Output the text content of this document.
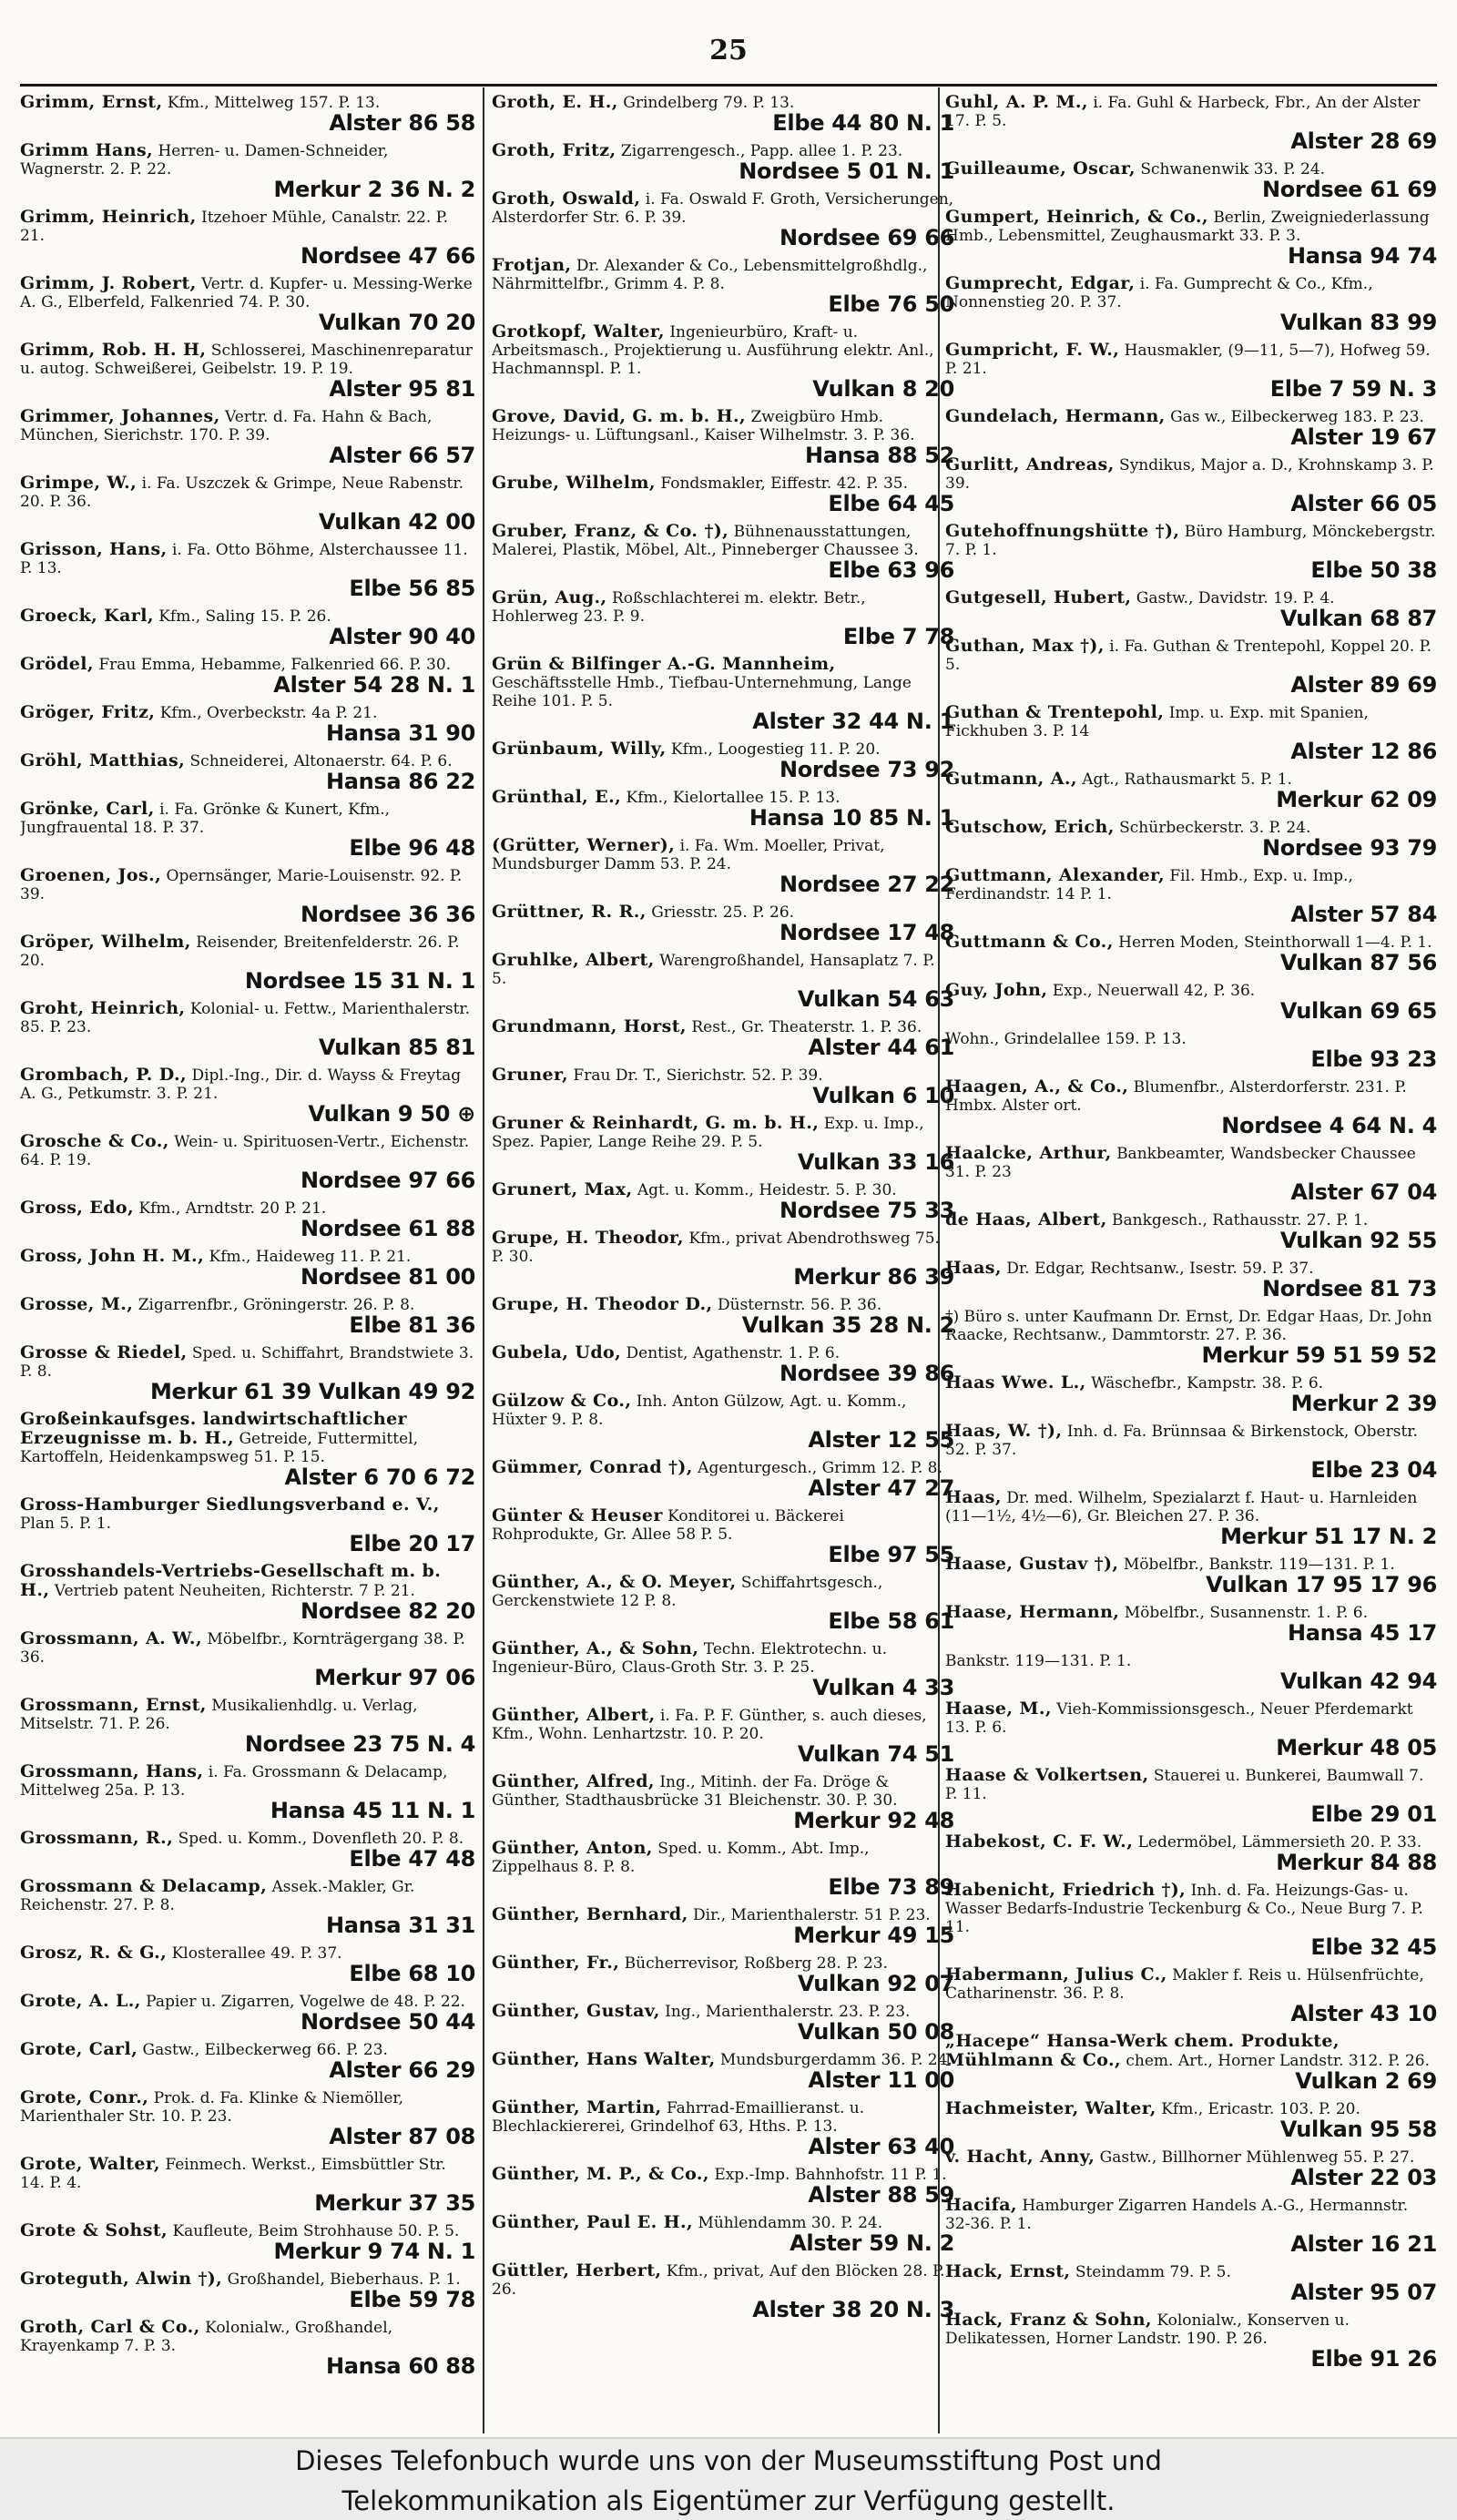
25
Grimm, Ernst, Kfm., Mittelweg 157. P. 13.
Alster 86 58
Grimm Hans, Herren- u. Damen-Schneider, Wagnerstr. 2. P. 22.
Merkur 2 36 N. 2
Grimm, Heinrich, Itzehoer Mühle, Canalstr. 22. P. 21.
Nordsee 47 66
Grimm, J. Robert, Vertr. d. Kupfer- u. Messing-Werke A. G., Elberfeld, Falkenried 74. P. 30.
Vulkan 70 20
Grimm, Rob. H. H, Schlosserei, Maschinenreparatur u. autog. Schweißerei, Geibelstr. 19. P. 19.
Alster 95 81
Grimmer, Johannes, Vertr. d. Fa. Hahn & Bach, München, Sierichstr. 170. P. 39.
Alster 66 57
Grimpe, W., i. Fa. Uszczek & Grimpe, Neue Rabenstr. 20. P. 36.
Vulkan 42 00
Grisson, Hans, i. Fa. Otto Böhme, Alsterchaussee 11. P. 13.
Elbe 56 85
Groeck, Karl, Kfm., Saling 15. P. 26.
Alster 90 40
Grödel, Frau Emma, Hebamme, Falkenried 66. P. 30.
Alster 54 28 N. 1
Gröger, Fritz, Kfm., Overbeckstr. 4a P. 21.
Hansa 31 90
Gröhl, Matthias, Schneiderei, Altonaerstr. 64. P. 6.
Hansa 86 22
Grönke, Carl, i. Fa. Grönke & Kunert, Kfm., Jungfrauental 18. P. 37.
Elbe 96 48
Groenen, Jos., Opernsänger, Marie-Louisenstr. 92. P. 39.
Nordsee 36 36
Gröper, Wilhelm, Reisender, Breitenfelderstr. 26. P. 20.
Nordsee 15 31 N. 1
Groht, Heinrich, Kolonial- u. Fettw., Marienthalerstr. 85. P. 23.
Vulkan 85 81
Grombach, P. D., Dipl.-Ing., Dir. d. Wayss & Freytag A. G., Petkumstr. 3. P. 21.
Vulkan 9 50 ⊕
Grosche & Co., Wein- u. Spirituosen-Vertr., Eichenstr. 64. P. 19.
Nordsee 97 66
Gross, Edo, Kfm., Arndtstr. 20 P. 21.
Nordsee 61 88
Gross, John H. M., Kfm., Haideweg 11. P. 21.
Nordsee 81 00
Grosse, M., Zigarrenfbr., Gröningerstr. 26. P. 8.
Elbe 81 36
Grosse & Riedel, Sped. u. Schiffahrt, Brandstwiete 3. P. 8.
Merkur 61 39 Vulkan 49 92
Großeinkaufsges. landwirtschaftlicher Erzeugnisse m. b. H., Getreide, Futtermittel, Kartoffeln, Heidenkampsweg 51. P. 15.
Alster 6 70 6 72
Gross-Hamburger Siedlungsverband e. V., Plan 5. P. 1.
Elbe 20 17
Grosshandels-Vertriebs-Gesellschaft m. b. H., Vertrieb patent Neuheiten, Richterstr. 7 P. 21.
Nordsee 82 20
Grossmann, A. W., Möbelfbr., Kornträgergang 38. P. 36.
Merkur 97 06
Grossmann, Ernst, Musikalienhdlg. u. Verlag, Mitselstr. 71. P. 26.
Nordsee 23 75 N. 4
Grossmann, Hans, i. Fa. Grossmann & Delacamp, Mittelweg 25a. P. 13.
Hansa 45 11 N. 1
Grossmann, R., Sped. u. Komm., Dovenfleth 20. P. 8.
Elbe 47 48
Grossmann & Delacamp, Assek.-Makler, Gr. Reichenstr. 27. P. 8.
Hansa 31 31
Grosz, R. & G., Klosterallee 49. P. 37.
Elbe 68 10
Grote, A. L., Papier u. Zigarren, Vogelwe de 48. P. 22.
Nordsee 50 44
Grote, Carl, Gastw., Eilbeckerweg 66. P. 23.
Alster 66 29
Grote, Conr., Prok. d. Fa. Klinke & Niemöller, Marienthaler Str. 10. P. 23.
Alster 87 08
Grote, Walter, Feinmech. Werkst., Eimsbüttler Str. 14. P. 4.
Merkur 37 35
Grote & Sohst, Kaufleute, Beim Strohhause 50. P. 5.
Merkur 9 74 N. 1
Groteguth, Alwin †), Großhandel, Bieberhaus. P. 1.
Elbe 59 78
Groth, Carl & Co., Kolonialw., Großhandel, Krayenkamp 7. P. 3.
Hansa 60 88
Groth, E. H., Grindelberg 79. P. 13.
Elbe 44 80 N. 1
Groth, Fritz, Zigarrengesch., Papp. allee 1. P. 23.
Nordsee 5 01 N. 1
Groth, Oswald, i. Fa. Oswald F. Groth, Versicherungen, Alsterdorfer Str. 6. P. 39.
Nordsee 69 66
Frotjan, Dr. Alexander & Co., Lebensmittelgroßhdlg., Nährmittelfbr., Grimm 4. P. 8.
Elbe 76 50
Grotkopf, Walter, Ingenieurbüro, Kraft- u. Arbeitsmasch., Projektierung u. Ausführung elektr. Anl., Hachmannspl. P. 1.
Vulkan 8 20
Grove, David, G. m. b. H., Zweigbüro Hmb. Heizungs- u. Lüftungsanl., Kaiser Wilhelmstr. 3. P. 36.
Hansa 88 52
Grube, Wilhelm, Fondsmakler, Eiffestr. 42. P. 35.
Elbe 64 45
Gruber, Franz, & Co. †), Bühnenausstattungen, Malerei, Plastik, Möbel, Alt., Pinneberger Chaussee 3.
Elbe 63 96
Grün, Aug., Roßschlachterei m. elektr. Betr., Hohlerweg 23. P. 9.
Elbe 7 78
Grün & Bilfinger A.-G. Mannheim, Geschäftsstelle Hmb., Tiefbau-Unternehmung, Lange Reihe 101. P. 5.
Alster 32 44 N. 1
Grünbaum, Willy, Kfm., Loogestieg 11. P. 20.
Nordsee 73 92
Grünthal, E., Kfm., Kielortallee 15. P. 13.
Hansa 10 85 N. 1
(Grütter, Werner), i. Fa. Wm. Moeller, Privat, Mundsburger Damm 53. P. 24.
Nordsee 27 22
Grüttner, R. R., Griesstr. 25. P. 26.
Nordsee 17 48
Gruhlke, Albert, Warengroßhandel, Hansaplatz 7. P. 5.
Vulkan 54 63
Grundmann, Horst, Rest., Gr. Theaterstr. 1. P. 36.
Alster 44 61
Gruner, Frau Dr. T., Sierichstr. 52. P. 39.
Vulkan 6 10
Gruner & Reinhardt, G. m. b. H., Exp. u. Imp., Spez. Papier, Lange Reihe 29. P. 5.
Vulkan 33 16
Grunert, Max, Agt. u. Komm., Heidestr. 5. P. 30.
Nordsee 75 33
Grupe, H. Theodor, Kfm., privat Abendrothsweg 75. P. 30.
Merkur 86 39
Grupe, H. Theodor D., Düsternstr. 56. P. 36.
Vulkan 35 28 N. 2
Gubela, Udo, Dentist, Agathenstr. 1. P. 6.
Nordsee 39 86
Gülzow & Co., Inh. Anton Gülzow, Agt. u. Komm., Hüxter 9. P. 8.
Alster 12 55
Gümmer, Conrad †), Agenturgesch., Grimm 12. P. 8.
Alster 47 27
Günter & Heuser Konditorei u. Bäckerei Rohprodukte, Gr. Allee 58 P. 5.
Elbe 97 55
Günther, A., & O. Meyer, Schiffahrtsgesch., Gerckenstwiete 12 P. 8.
Elbe 58 61
Günther, A., & Sohn, Techn. Elektrotechn. u. Ingenieur-Büro, Claus-Groth Str. 3. P. 25.
Vulkan 4 33
Günther, Albert, i. Fa. P. F. Günther, s. auch dieses, Kfm., Wohn. Lenhartzstr. 10. P. 20.
Vulkan 74 51
Günther, Alfred, Ing., Mitinh. der Fa. Dröge & Günther, Stadthausbrücke 31 Bleichenstr. 30. P. 30.
Merkur 92 48
Günther, Anton, Sped. u. Komm., Abt. Imp., Zippelhaus 8. P. 8.
Elbe 73 89
Günther, Bernhard, Dir., Marienthalerstr. 51 P. 23.
Merkur 49 15
Günther, Fr., Bücherrevisor, Roßberg 28. P. 23.
Vulkan 92 07
Günther, Gustav, Ing., Marienthalerstr. 23. P. 23.
Vulkan 50 08
Günther, Hans Walter, Mundsburgerdamm 36. P. 24.
Alster 11 00
Günther, Martin, Fahrrad-Emaillieranst. u. Blechlackiererei, Grindelhof 63, Hths. P. 13.
Alster 63 40
Günther, M. P., & Co., Exp.-Imp. Bahnhofstr. 11 P. 1.
Alster 88 59
Günther, Paul E. H., Mühlendamm 30. P. 24.
Alster 59 N. 2
Güttler, Herbert, Kfm., privat, Auf den Blöcken 28. P. 26.
Alster 38 20 N. 3
Guhl, A. P. M., i. Fa. Guhl & Harbeck, Fbr., An der Alster 17. P. 5.
Alster 28 69
Guilleaume, Oscar, Schwanenwik 33. P. 24.
Nordsee 61 69
Gumpert, Heinrich, & Co., Berlin, Zweigniederlassung Hmb., Lebensmittel, Zeughausmarkt 33. P. 3.
Hansa 94 74
Gumprecht, Edgar, i. Fa. Gumprecht & Co., Kfm., Nonnenstieg 20. P. 37.
Vulkan 83 99
Gumpricht, F. W., Hausmakler, (9—11, 5—7), Hofweg 59. P. 21.
Elbe 7 59 N. 3
Gundelach, Hermann, Gas w., Eilbeckerweg 183. P. 23.
Alster 19 67
Gurlitt, Andreas, Syndikus, Major a. D., Krohnskamp 3. P. 39.
Alster 66 05
Gutehoffnungshütte †), Büro Hamburg, Mönckebergstr. 7. P. 1.
Elbe 50 38
Gutgesell, Hubert, Gastw., Davidstr. 19. P. 4.
Vulkan 68 87
Guthan, Max †), i. Fa. Guthan & Trentepohl, Koppel 20. P. 5.
Alster 89 69
Guthan & Trentepohl, Imp. u. Exp. mit Spanien, Fickhuben 3. P. 14
Alster 12 86
Gutmann, A., Agt., Rathausmarkt 5. P. 1.
Merkur 62 09
Gutschow, Erich, Schürbeckerstr. 3. P. 24.
Nordsee 93 79
Guttmann, Alexander, Fil. Hmb., Exp. u. Imp., Ferdinandstr. 14 P. 1.
Alster 57 84
Guttmann & Co., Herren Moden, Steinthorwall 1—4. P. 1.
Vulkan 87 56
Guy, John, Exp., Neuerwall 42, P. 36.
Vulkan 69 65
Wohn., Grindelallee 159. P. 13.
Elbe 93 23
Haagen, A., & Co., Blumenfbr., Alsterdorferstr. 231. P. Hmbx. Alster ort.
Nordsee 4 64 N. 4
Haalcke, Arthur, Bankbeamter, Wandsbecker Chaussee 31. P. 23
Alster 67 04
de Haas, Albert, Bankgesch., Rathausstr. 27. P. 1.
Vulkan 92 55
Haas, Dr. Edgar, Rechtsanw., Isestr. 59. P. 37.
Nordsee 81 73
†) Büro s. unter Kaufmann Dr. Ernst, Dr. Edgar Haas, Dr. John Raacke, Rechtsanw., Dammtorstr. 27. P. 36.
Merkur 59 51 59 52
Haas Wwe. L., Wäschefbr., Kampstr. 38. P. 6.
Merkur 2 39
Haas, W. †), Inh. d. Fa. Brünnsaa & Birkenstock, Oberstr. 52. P. 37.
Elbe 23 04
Haas, Dr. med. Wilhelm, Spezialarzt f. Haut- u. Harnleiden (11—1½, 4½—6), Gr. Bleichen 27. P. 36.
Merkur 51 17 N. 2
Haase, Gustav †), Möbelfbr., Bankstr. 119—131. P. 1.
Vulkan 17 95 17 96
Haase, Hermann, Möbelfbr., Susannenstr. 1. P. 6.
Hansa 45 17
Bankstr. 119—131. P. 1.
Vulkan 42 94
Haase, M., Vieh-Kommissionsgesch., Neuer Pferdemarkt 13. P. 6.
Merkur 48 05
Haase & Volkertsen, Stauerei u. Bunkerei, Baumwall 7. P. 11.
Elbe 29 01
Habekost, C. F. W., Ledermöbel, Lämmersieth 20. P. 33.
Merkur 84 88
Habenicht, Friedrich †), Inh. d. Fa. Heizungs-Gas- u. Wasser Bedarfs-Industrie Teckenburg & Co., Neue Burg 7. P. 11.
Elbe 32 45
Habermann, Julius C., Makler f. Reis u. Hülsenfrüchte, Catharinenstr. 36. P. 8.
Alster 43 10
„Hacepe“ Hansa-Werk chem. Produkte, Mühlmann & Co., chem. Art., Horner Landstr. 312. P. 26.
Vulkan 2 69
Hachmeister, Walter, Kfm., Ericastr. 103. P. 20.
Vulkan 95 58
v. Hacht, Anny, Gastw., Billhorner Mühlenweg 55. P. 27.
Alster 22 03
Hacifa, Hamburger Zigarren Handels A.-G., Hermannstr. 32-36. P. 1.
Alster 16 21
Hack, Ernst, Steindamm 79. P. 5.
Alster 95 07
Hack, Franz & Sohn, Kolonialw., Konserven u. Delikatessen, Horner Landstr. 190. P. 26.
Elbe 91 26
Dieses Telefonbuch wurde uns von der Museumsstiftung Post und
Telekommunikation als Eigentümer zur Verfügung gestellt.
